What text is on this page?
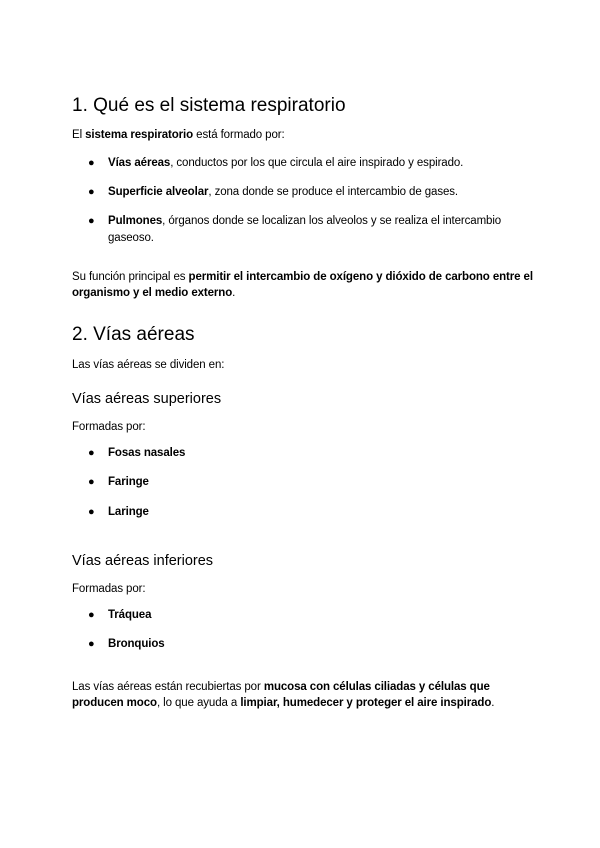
1. Qué es el sistema respiratorio
El sistema respiratorio está formado por:
●	Vías aéreas, conductos por los que circula el aire inspirado y espirado.
●	Superficie alveolar, zona donde se produce el intercambio de gases.
●	Pulmones, órganos donde se localizan los alveolos y se realiza el intercambio
gaseoso.
Su función principal es permitir el intercambio de oxígeno y dióxido de carbono entre el
organismo y el medio externo.
2. Vías aéreas
Las vías aéreas se dividen en:
Vías aéreas superiores
Formadas por:
●	Fosas nasales
●	Faringe
●	Laringe
Vías aéreas inferiores
Formadas por:
●	Tráquea
●	Bronquios
Las vías aéreas están recubiertas por mucosa con células ciliadas y células que
producen moco, lo que ayuda a limpiar, humedecer y proteger el aire inspirado.
